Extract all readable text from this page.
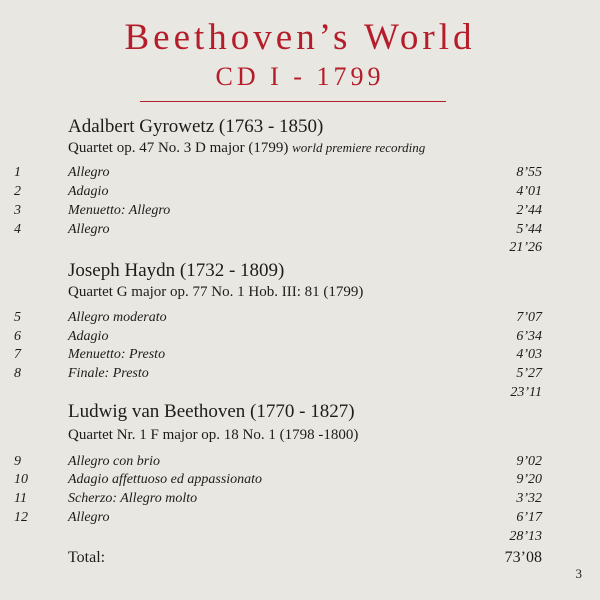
Beethoven’s World
CD I - 1799
Adalbert Gyrowetz (1763 - 1850)
Quartet op. 47 No. 3 D major (1799) world premiere recording
1	Allegro	8’55
2	Adagio	4’01
3	Menuetto: Allegro	2’44
4	Allegro	5’44
21’26
Joseph Haydn (1732 - 1809)
Quartet G major op. 77 No. 1 Hob. III: 81 (1799)
5	Allegro moderato	7’07
6	Adagio	6’34
7	Menuetto: Presto	4’03
8	Finale: Presto	5’27
23’11
Ludwig van Beethoven (1770 - 1827)
Quartet Nr. 1 F major op. 18 No. 1 (1798 -1800)
9	Allegro con brio	9’02
10	Adagio affettuoso ed appassionato	9’20
11	Scherzo: Allegro molto	3’32
12	Allegro	6’17
28’13
Total:	73’08
3
